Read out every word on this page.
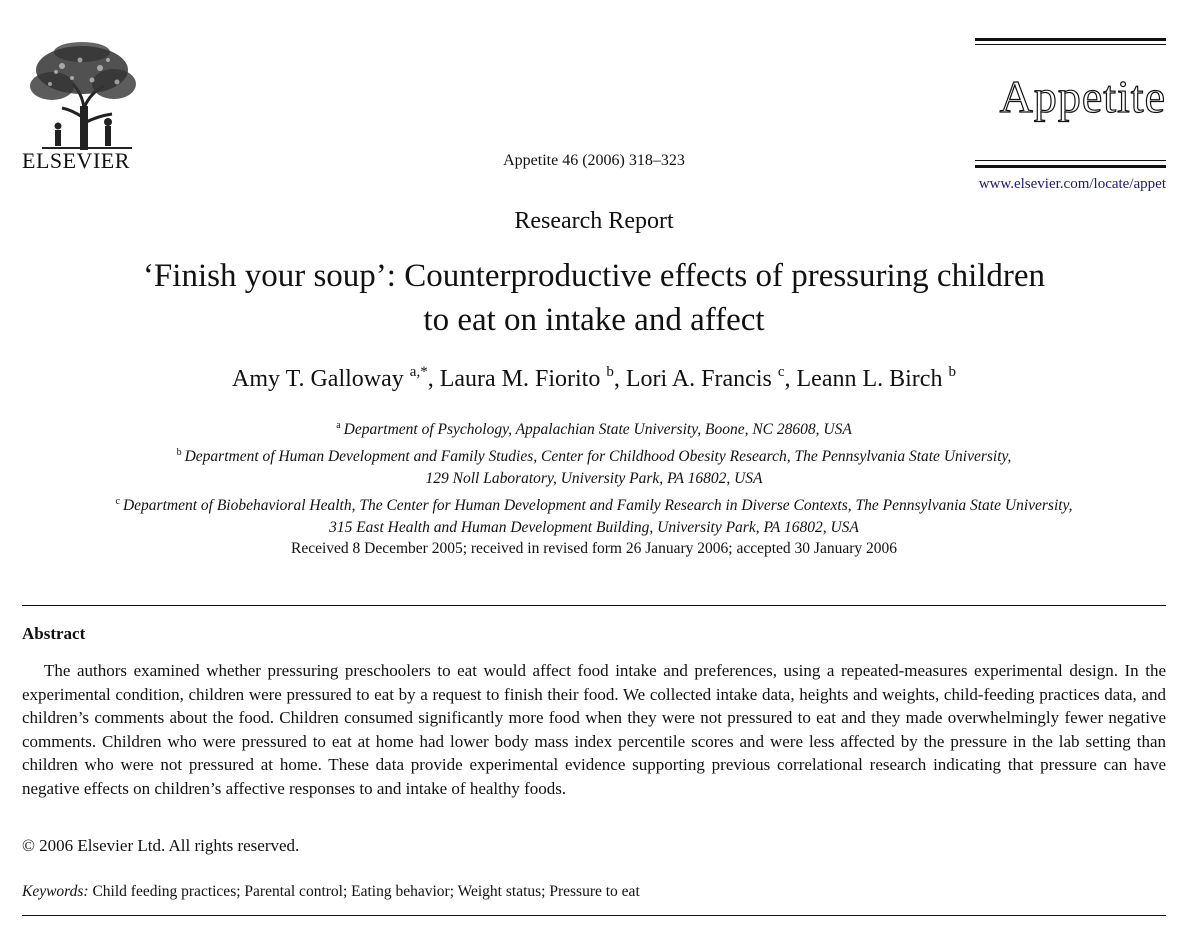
ELSEVIER	Appetite 46 (2006) 318–323
Appetite
www.elsevier.com/locate/appet
Research Report
‘Finish your soup’: Counterproductive effects of pressuring children
to eat on intake and affect
Amy T. Galloway $^{a,*}$, Laura M. Fiorito $^b$, Lori A. Francis $^c$, Leann L. Birch $^b$
$^a$ Department of Psychology, Appalachian State University, Boone, NC 28608, USA
$^b$ Department of Human Development and Family Studies, Center for Childhood Obesity Research, The Pennsylvania State University,
129 Noll Laboratory, University Park, PA 16802, USA
$^c$ Department of Biobehavioral Health, The Center for Human Development and Family Research in Diverse Contexts, The Pennsylvania State University,
315 East Health and Human Development Building, University Park, PA 16802, USA
Received 8 December 2005; received in revised form 26 January 2006; accepted 30 January 2006
Abstract
The authors examined whether pressuring preschoolers to eat would affect food intake and preferences, using a repeated-measures experimental design. In the experimental condition, children were pressured to eat by a request to finish their food. We collected intake data, heights and weights, child-feeding practices data, and children’s comments about the food. Children consumed significantly more food when they were not pressured to eat and they made overwhelmingly fewer negative comments. Children who were pressured to eat at home had lower body mass index percentile scores and were less affected by the pressure in the lab setting than children who were not pressured at home. These data provide experimental evidence supporting previous correlational research indicating that pressure can have negative effects on children’s affective responses to and intake of healthy foods.
© 2006 Elsevier Ltd. All rights reserved.
Keywords: Child feeding practices; Parental control; Eating behavior; Weight status; Pressure to eat
